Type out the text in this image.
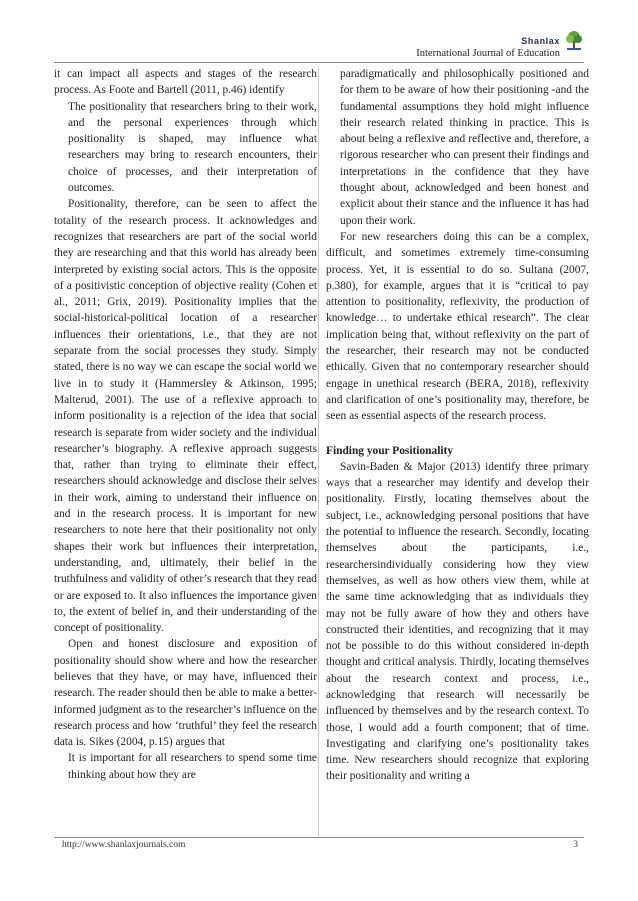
Shanlax
International Journal of Education

it can impact all aspects and stages of the research process. As Foote and Bartell (2011, p.46) identify

The positionality that researchers bring to their work, and the personal experiences through which positionality is shaped, may influence what researchers may bring to research encounters, their choice of processes, and their interpretation of outcomes.

Positionality, therefore, can be seen to affect the totality of the research process. It acknowledges and recognizes that researchers are part of the social world they are researching and that this world has already been interpreted by existing social actors. This is the opposite of a positivistic conception of objective reality (Cohen et al., 2011; Grix, 2019). Positionality implies that the social-historical-political location of a researcher influences their orientations, i.e., that they are not separate from the social processes they study. Simply stated, there is no way we can escape the social world we live in to study it (Hammersley & Atkinson, 1995; Malterud, 2001). The use of a reflexive approach to inform positionality is a rejection of the idea that social research is separate from wider society and the individual researcher’s biography. A reflexive approach suggests that, rather than trying to eliminate their effect, researchers should acknowledge and disclose their selves in their work, aiming to understand their influence on and in the research process. It is important for new researchers to note here that their positionality not only shapes their work but influences their interpretation, understanding, and, ultimately, their belief in the truthfulness and validity of other’s research that they read or are exposed to. It also influences the importance given to, the extent of belief in, and their understanding of the concept of positionality.

Open and honest disclosure and exposition of positionality should show where and how the researcher believes that they have, or may have, influenced their research. The reader should then be able to make a better-informed judgment as to the researcher’s influence on the research process and how ‘truthful’ they feel the research data is. Sikes (2004, p.15) argues that

It is important for all researchers to spend some time thinking about how they are

paradigmatically and philosophically positioned and for them to be aware of how their positioning -and the fundamental assumptions they hold might influence their research related thinking in practice. This is about being a reflexive and reflective and, therefore, a rigorous researcher who can present their findings and interpretations in the confidence that they have thought about, acknowledged and been honest and explicit about their stance and the influence it has had upon their work.

For new researchers doing this can be a complex, difficult, and sometimes extremely time-consuming process. Yet, it is essential to do so. Sultana (2007, p.380), for example, argues that it is “critical to pay attention to positionality, reflexivity, the production of knowledge… to undertake ethical research”. The clear implication being that, without reflexivity on the part of the researcher, their research may not be conducted ethically. Given that no contemporary researcher should engage in unethical research (BERA, 2018), reflexivity and clarification of one’s positionality may, therefore, be seen as essential aspects of the research process.

Finding your Positionality

Savin-Baden & Major (2013) identify three primary ways that a researcher may identify and develop their positionality. Firstly, locating themselves about the subject, i.e., acknowledging personal positions that have the potential to influence the research. Secondly, locating themselves about the participants, i.e., researchersindividually considering how they view themselves, as well as how others view them, while at the same time acknowledging that as individuals they may not be fully aware of how they and others have constructed their identities, and recognizing that it may not be possible to do this without considered in-depth thought and critical analysis. Thirdly, locating themselves about the research context and process, i.e., acknowledging that research will necessarily be influenced by themselves and by the research context. To those, I would add a fourth component; that of time. Investigating and clarifying one’s positionality takes time. New researchers should recognize that exploring their positionality and writing a

http://www.shanlaxjournals.com	3
